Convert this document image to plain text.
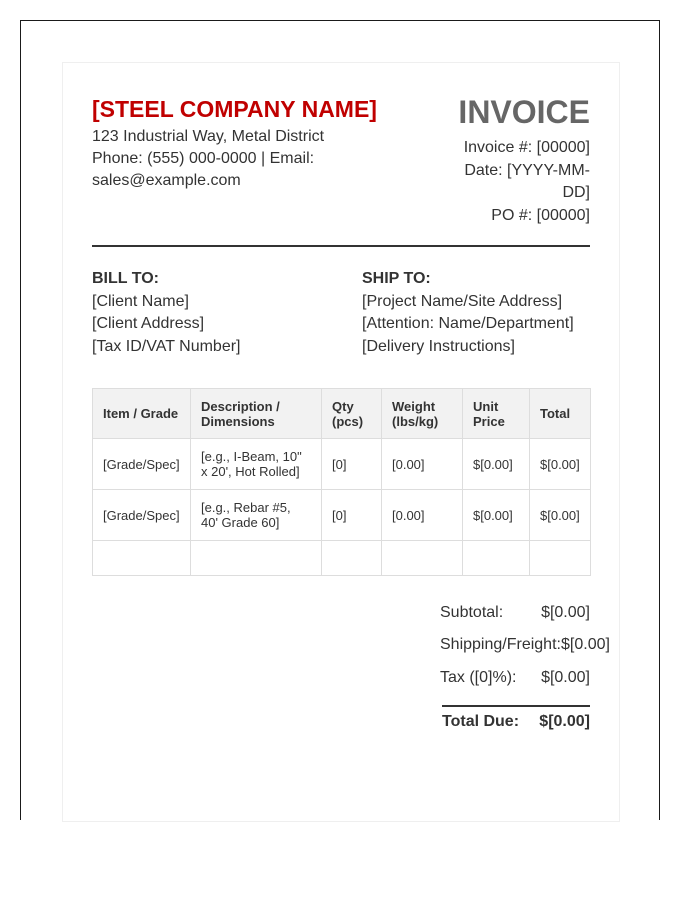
[STEEL COMPANY NAME]
123 Industrial Way, Metal District
Phone: (555) 000-0000 | Email: sales@example.com
INVOICE
Invoice #: [00000]
Date: [YYYY-MM-DD]
PO #: [00000]
BILL TO:
[Client Name]
[Client Address]
[Tax ID/VAT Number]
SHIP TO:
[Project Name/Site Address]
[Attention: Name/Department]
[Delivery Instructions]
Item / Grade	Description / Dimensions	Qty (pcs)	Weight (lbs/kg)	Unit Price	Total
[Grade/Spec]	[e.g., I-Beam, 10" x 20', Hot Rolled]	[0]	[0.00]	$[0.00]	$[0.00]
[Grade/Spec]	[e.g., Rebar #5, 40' Grade 60]	[0]	[0.00]	$[0.00]	$[0.00]

Subtotal: $[0.00]
Shipping/Freight: $[0.00]
Tax ([0]%): $[0.00]
Total Due: $[0.00]
